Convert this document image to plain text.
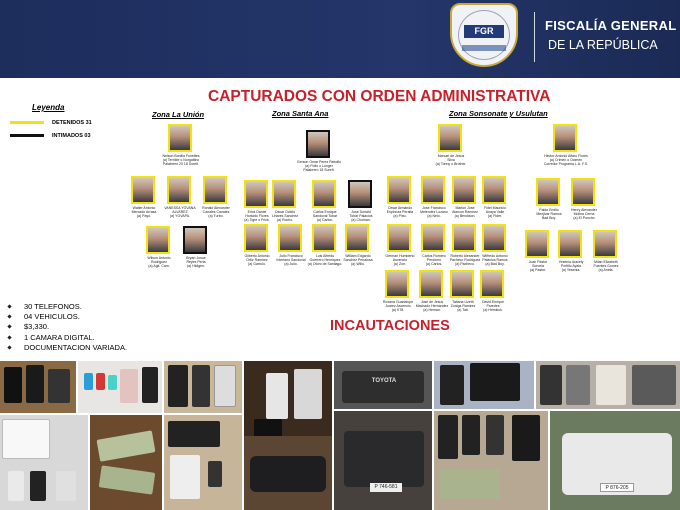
FGR	FISCALÍA GENERAL
DE LA REPÚBLICA
CAPTURADOS CON ORDEN ADMINISTRATIVA
Leyenda
DETENIDOS 31
INTIMADOS 03
Zona La Unión	Zona Santa Ana	Zona Sonsonate y Usulutan
Nelson Bonilla Funettes
(a) Terrible o Norgaltino
Palabrero 20 18 Sureñ.
Walter Antonio
Mercado Arrasa
(a) Payo.
VANESSA YOVANA
ALVAREZ
(a) YOVAPA.
Ronald Alexander
Canales Canales
(a) Turbo.
Wilson Antonio
Rodriguez
(a) Agit. Cam.
Bryan Josue
Reyes Perla
(a) Hidigen.
Gerson Omar Perez Rebollo
(a) Pollo o Lunger
Palabrero 18 Sureñ.
Erick Daniel
Hurtado Flores
(a) Tigre o Frick.
Oscar Ovidio
Linares Sanchez
(a) Rocho.
Carlos Enrique
Sandoval Tobar
(a) Carlon.
Jose Donald
Tobar Palacios
(a) Choman.
Gilberto Antonio
Ortiz Ramirez
(a) Garrulo.
Julio Francisco
Interiano Sandoval
(a) Julio.
Luis Alfredo
Guerrero Henriquez
(a) Otoro de Santiago.
William Edgardo
Sanchez Penalosa
(a) Willo.
Manuel de Jesus
Silva
(a) Tonny o Brother.
Cesar Armando
Espinoza Peralta
(a) Pino.
Jose Francisco
Melendez Lozano
(a) Nelo.
Marlon Jose
Alarcon Ramirez
(a) Bendison.
Fidel Mauricio
Anaya Valle
(a) Fider.
German Humberto
Ascencio
(a) Zorr.
Carlos Romero
Perdomo
(a) Carlos.
Roberto Alexander
Pacheco Rodriguez
(a) Pacheco.
Wilfredo Antonio
Palacios Ramos
(a) Bad Boy.
Roxana Guadalupe
Juarez Ascencio
(a) K78.
Jose de Jesus
Machado Hernandez
(a) Heman.
Tatiana Lizeth
Zuniga Ramirez
(a) Tati.
David Enrique
Paredes
(a) Hemkick.
Héctor Antonio Alfaro Flores
(a) Crimen o Ocimen
Corredor Programa L.A. F.S.
Pablo Emilio
Menjivar Ramos
Bad Boy.
Henry Alexander
Molina Cerna
(a) El Poncho
Juan Pastor
Sorcela
(a) Pastor.
Yesenia Aracely
Portillo Ayala
(a) Yesenia.
Milan Elizabeth
Fuentes Gomez
(a) Anela.
30 TELEFONOS.
04 VEHICULOS.
$3,330.
1 CAMARA DIGITAL.
DOCUMENTACION VARIADA.
INCAUTACIONES
TOYOTA
P 746-581	P 876-205
